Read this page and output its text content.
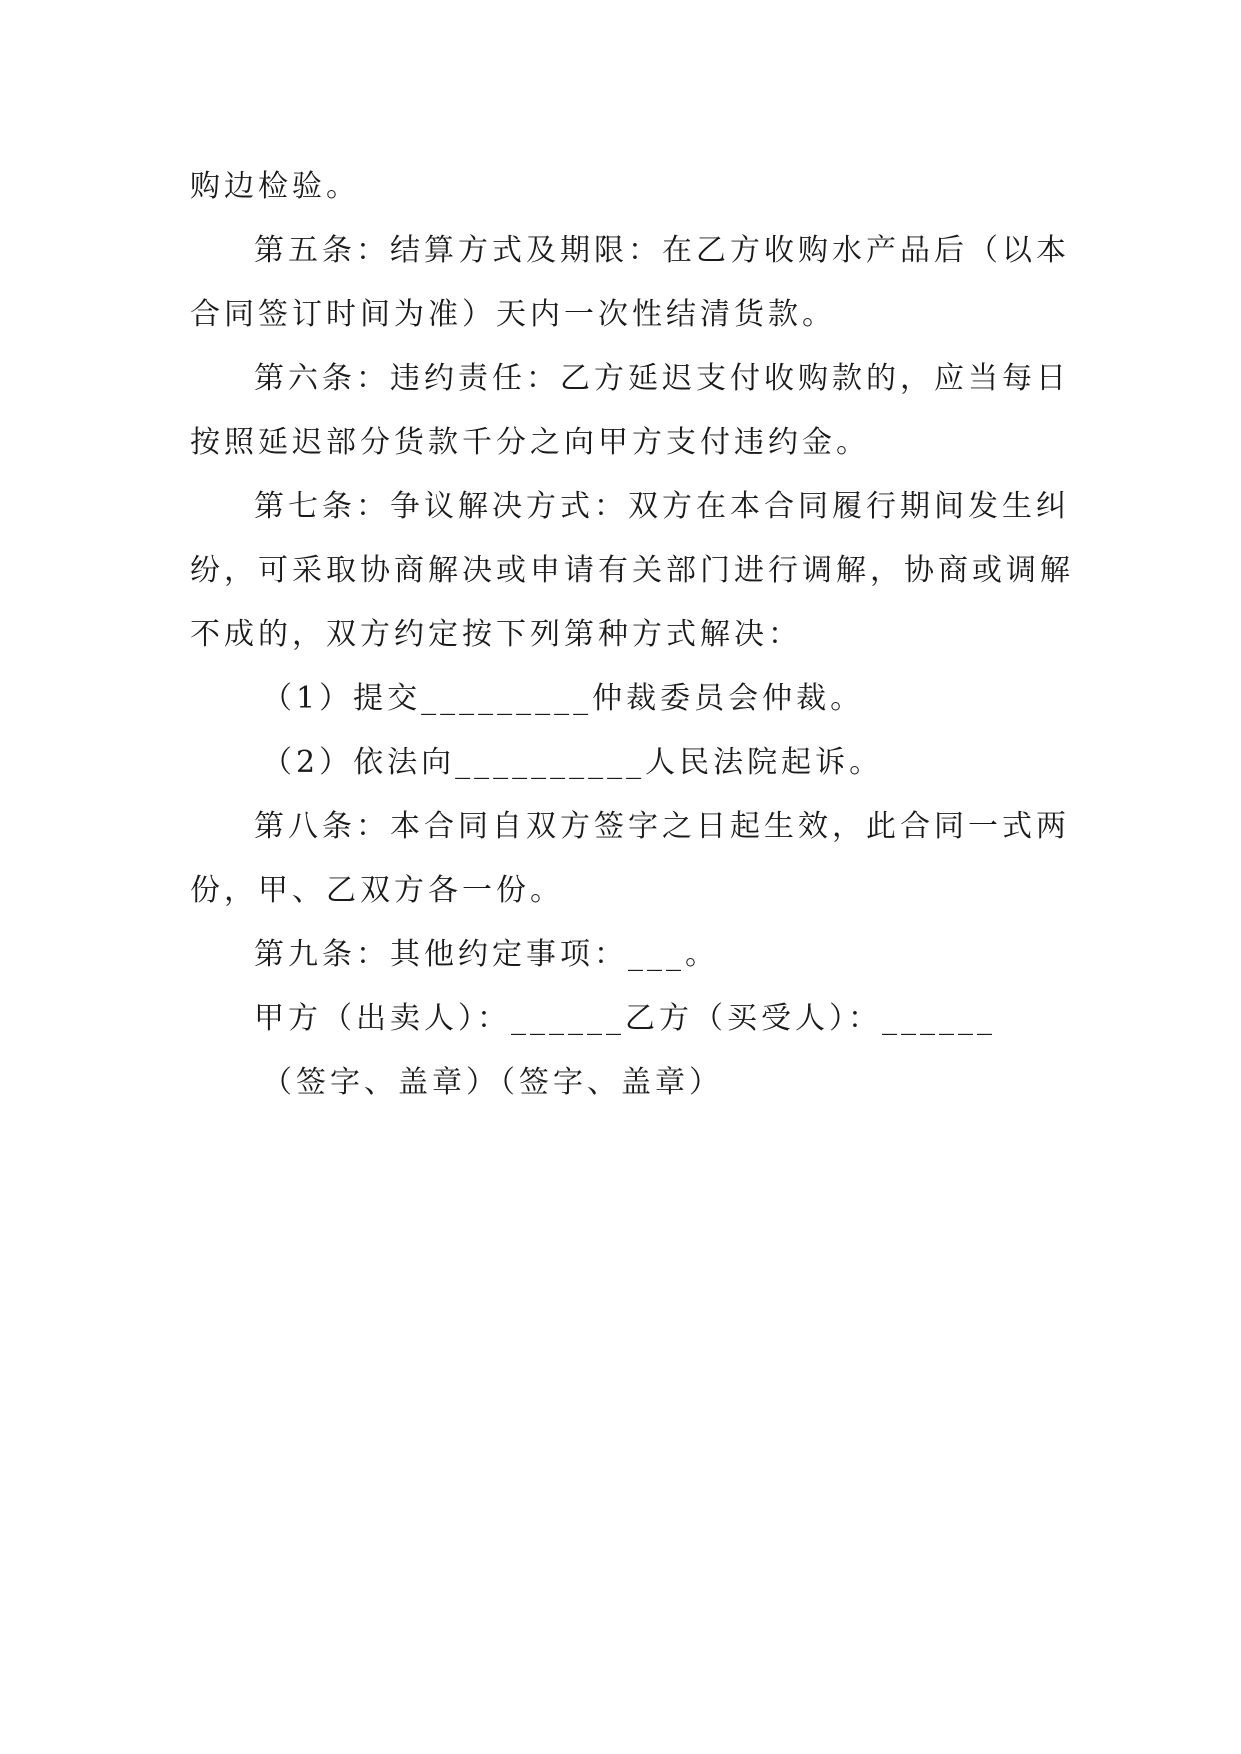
购边检验。
第五条：结算方式及期限：在乙方收购水产品后（以本
合同签订时间为准）天内一次性结清货款。
第六条：违约责任：乙方延迟支付收购款的，应当每日
按照延迟部分货款千分之向甲方支付违约金。
第七条：争议解决方式：双方在本合同履行期间发生纠
纷，可采取协商解决或申请有关部门进行调解，协商或调解
不成的，双方约定按下列第种方式解决：
（1）提交_________仲裁委员会仲裁。
（2）依法向__________人民法院起诉。
第八条：本合同自双方签字之日起生效，此合同一式两
份，甲、乙双方各一份。
第九条：其他约定事项：___。
甲方（出卖人）：______乙方（买受人）：______
（签字、盖章）（签字、盖章）
